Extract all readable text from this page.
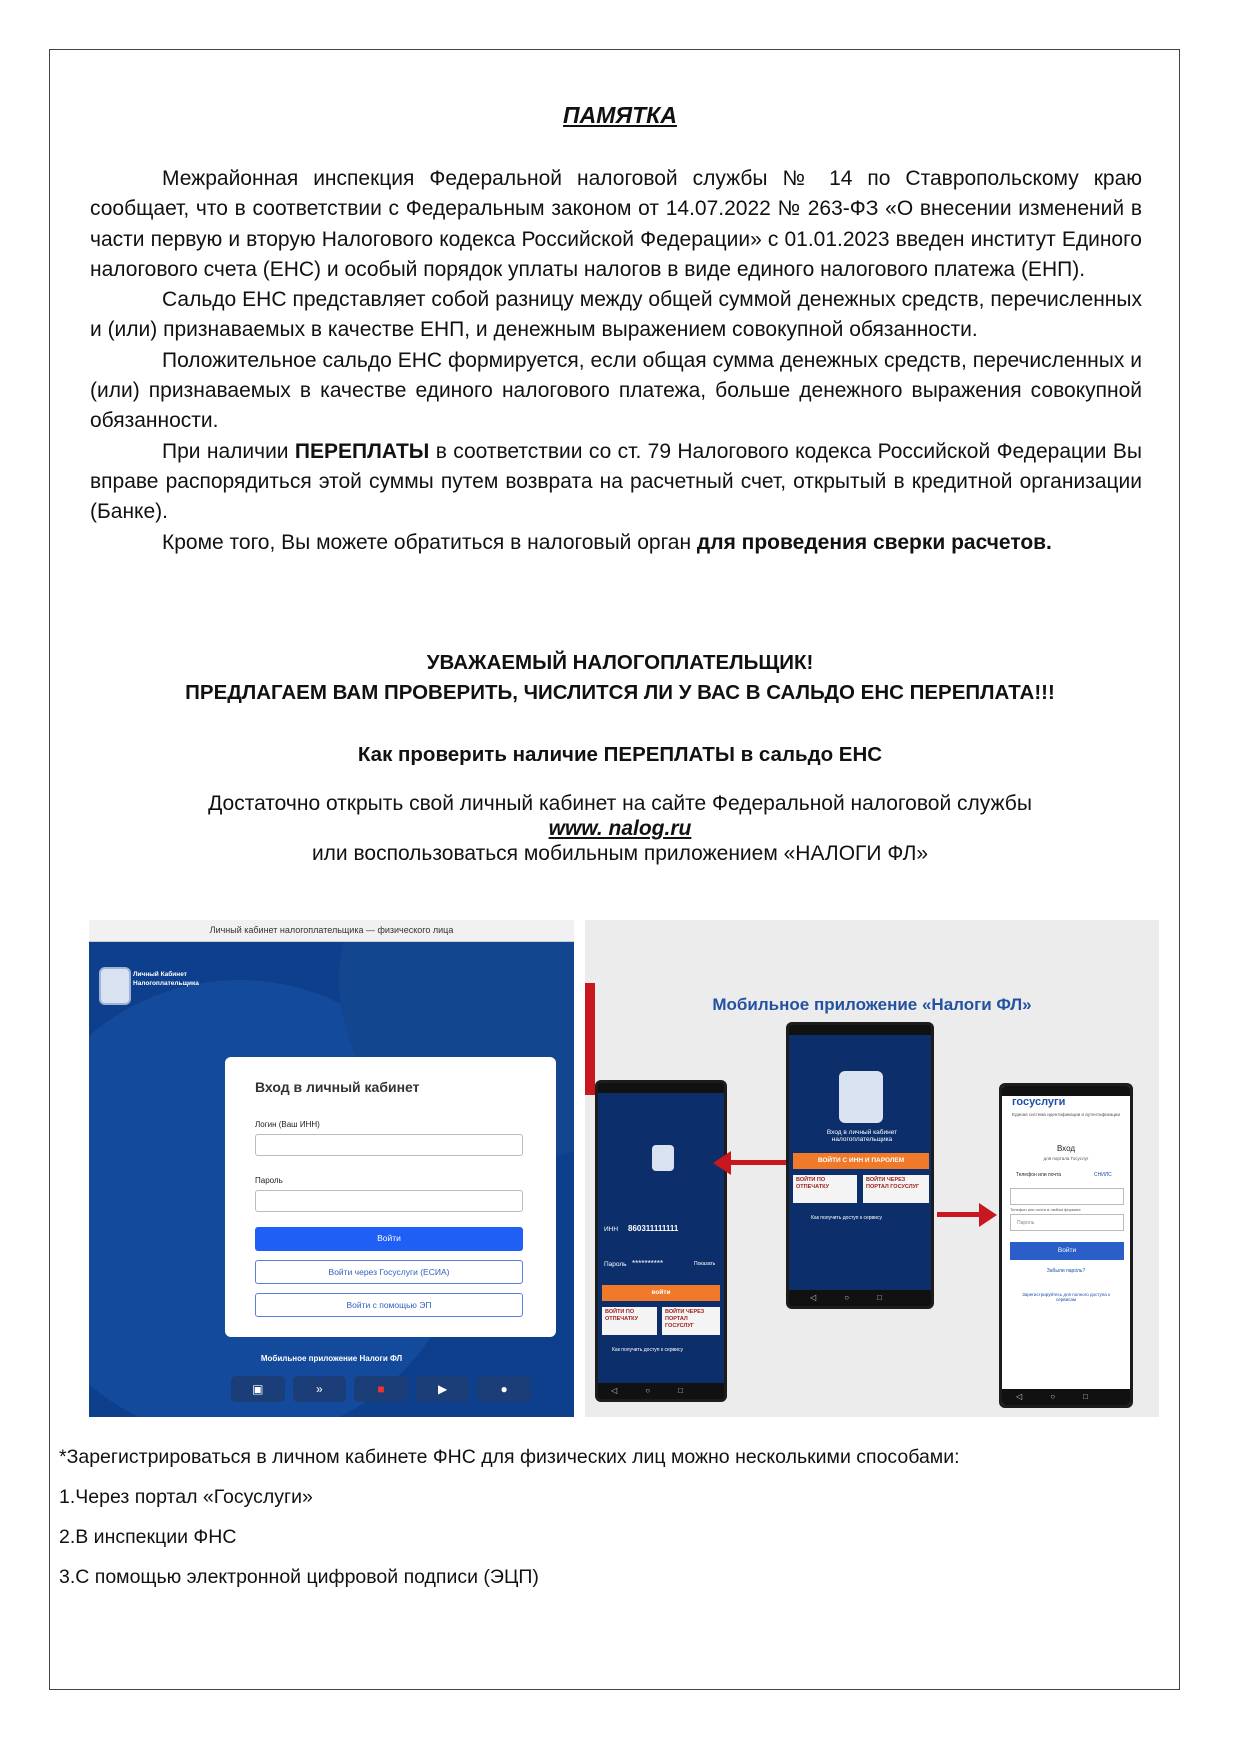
ПАМЯТКА

Межрайонная инспекция Федеральной налоговой службы № 14 по Ставропольскому краю сообщает, что в соответствии с Федеральным законом от 14.07.2022 № 263-ФЗ «О внесении изменений в части первую и вторую Налогового кодекса Российской Федерации» с 01.01.2023 введен институт Единого налогового счета (ЕНС) и особый порядок уплаты налогов в виде единого налогового платежа (ЕНП).

Сальдо ЕНС представляет собой разницу между общей суммой денежных средств, перечисленных и (или) признаваемых в качестве ЕНП, и денежным выражением совокупной обязанности.

Положительное сальдо ЕНС формируется, если общая сумма денежных средств, перечисленных и (или) признаваемых в качестве единого налогового платежа, больше денежного выражения совокупной обязанности.

При наличии ПЕРЕПЛАТЫ в соответствии со ст. 79 Налогового кодекса Российской Федерации Вы вправе распорядиться этой суммы путем возврата на расчетный счет, открытый в кредитной организации (Банке).

Кроме того, Вы можете обратиться в налоговый орган для проведения сверки расчетов.

УВАЖАЕМЫЙ НАЛОГОПЛАТЕЛЬЩИК!
ПРЕДЛАГАЕМ ВАМ ПРОВЕРИТЬ, ЧИСЛИТСЯ ЛИ У ВАС В САЛЬДО ЕНС ПЕРЕПЛАТА!!!
Как проверить наличие ПЕРЕПЛАТЫ в сальдо ЕНС
Достаточно открыть свой личный кабинет на сайте Федеральной налоговой службы
www. nalog.ru
или воспользоваться мобильным приложением «НАЛОГИ ФЛ»
Личный кабинет налогоплательщика — физического лица
Личный Кабинет Налогоплательщика
Вход в личный кабинет
Логин (Ваш ИНН)
Пароль
Войти
Войти через Госуслуги (ЕСИА)
Войти с помощью ЭП
Мобильное приложение Налоги ФЛ
▣	»	■	▶	●
Мобильное приложение «Налоги ФЛ»
ИНН 860311111111
Пароль **********	Показать
войти
ВОЙТИ ПО ОТПЕЧАТКУ
ВОЙТИ ЧЕРЕЗ ПОРТАЛ ГОСУСЛУГ
Как получить доступ к сервису
◁○□
Вход в личный кабинет налогоплательщика
ВОЙТИ С ИНН И ПАРОЛЕМ
ВОЙТИ ПО ОТПЕЧАТКУ
ВОЙТИ ЧЕРЕЗ ПОРТАЛ ГОСУСЛУГ
Как получить доступ к сервису
◁○□
госуслуги
Единая система идентификации и аутентификации
Вход
для портала Госуслуг
Телефон или почта	СНИЛС
Телефон или почта в любом формате
Пароль
Войти
Забыли пароль?
Зарегистрируйтесь для полного доступа к сервисам
◁○□
*Зарегистрироваться в личном кабинете ФНС для физических лиц можно несколькими способами:
1.Через портал «Госуслуги»
2.В инспекции ФНС
3.С помощью электронной цифровой подписи (ЭЦП)
